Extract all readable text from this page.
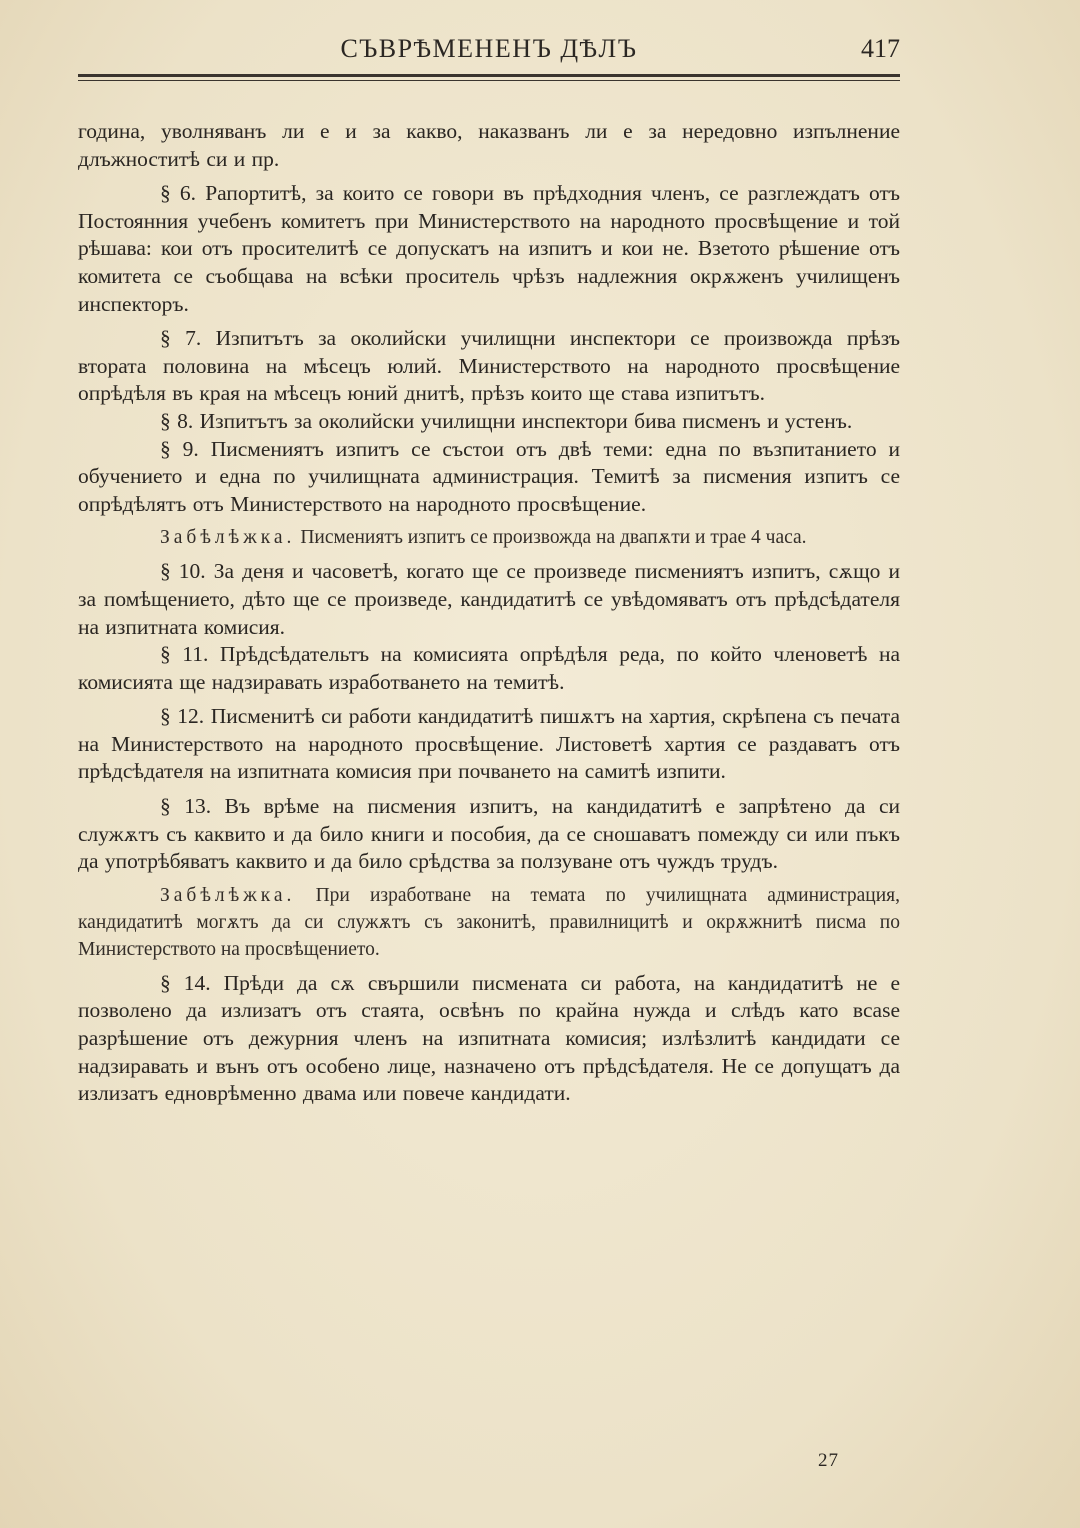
СЪВРѢМЕНЕНЪ ДѢЛЪ	417

година, уволняванъ ли е и за какво, наказванъ ли е за нередовно изпълнение длъжноститѣ си и пр.

§ 6. Рапортитѣ, за които се говори въ прѣдходния членъ, се разглеждатъ отъ Постоянния учебенъ комитетъ при Министерството на народното просвѣщение и той рѣшава: кои отъ просителитѣ се допускатъ на изпитъ и кои не. Взетото рѣшение отъ комитета се съобщава на всѣки проситель чрѣзъ надлежния окрѫженъ училищенъ инспекторъ.

§ 7. Изпитътъ за околийски училищни инспектори се произвожда прѣзъ втората половина на мѣсецъ юлий. Министерството на народното просвѣщение опрѣдѣля въ края на мѣсецъ юний днитѣ, прѣзъ които ще става изпитътъ.

§ 8. Изпитътъ за околийски училищни инспектори бива писменъ и устенъ.

§ 9. Писмениятъ изпитъ се състои отъ двѣ теми: една по възпитанието и обучението и една по училищната администрация. Темитѣ за писмения изпитъ се опрѣдѣлятъ отъ Министерството на народното просвѣщение.

Забѣлѣжка. Писмениятъ изпитъ се произвожда на двапѫти и трае 4 часа.

§ 10. За деня и часоветѣ, когато ще се произведе писмениятъ изпитъ, сѫщо и за помѣщението, дѣто ще се произведе, кандидатитѣ се увѣдомяватъ отъ прѣдсѣдателя на изпитната комисия.

§ 11. Прѣдсѣдательтъ на комисията опрѣдѣля реда, по който членоветѣ на комисията ще надзиравать изработването на темитѣ.

§ 12. Писменитѣ си работи кандидатитѣ пишѫтъ на хартия, скрѣпена съ печата на Министерството на народното просвѣщение. Листоветѣ хартия се раздаватъ отъ прѣдсѣдателя на изпитната комисия при почването на самитѣ изпити.

§ 13. Въ врѣме на писмения изпитъ, на кандидатитѣ е запрѣтено да си служѫтъ съ каквито и да било книги и пособия, да се сношаватъ помежду си или пъкъ да употрѣбяватъ каквито и да било срѣдства за ползуване отъ чуждъ трудъ.

Забѣлѣжка. При изработване на темата по училищната администрация, кандидатитѣ могѫтъ да си служѫтъ съ законитѣ, правилницитѣ и окрѫжнитѣ писма по Министерството на просвѣщението.

§ 14. Прѣди да сѫ свършили писмената си работа, на кандидатитѣ не е позволено да излизатъ отъ стаята, освѣнъ по крайна нужда и слѣдъ като вcase разрѣшение отъ дежурния членъ на изпитната комисия; излѣзлитѣ кандидати се надзиравать и вънъ отъ особено лице, назначено отъ прѣдсѣдателя. Не се допущатъ да излизатъ едноврѣменно двама или повече кандидати.

27
